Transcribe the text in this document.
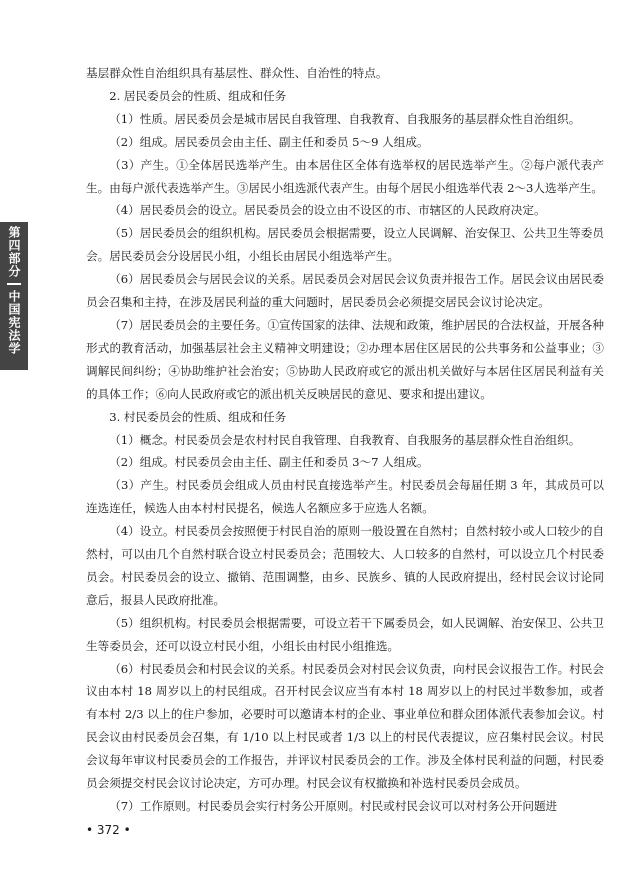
第四部分
中国宪法学

基层群众性自治组织具有基层性、群众性、自治性的特点。

2. 居民委员会的性质、组成和任务

（1）性质。居民委员会是城市居民自我管理、自我教育、自我服务的基层群众性自治组织。

（2）组成。居民委员会由主任、副主任和委员 5～9 人组成。

（3）产生。①全体居民选举产生。由本居住区全体有选举权的居民选举产生。②每户派代表产生。由每户派代表选举产生。③居民小组选派代表产生。由每个居民小组选举代表 2～3人选举产生。

（4）居民委员会的设立。居民委员会的设立由不设区的市、市辖区的人民政府决定。

（5）居民委员会的组织机构。居民委员会根据需要，设立人民调解、治安保卫、公共卫生等委员会。居民委员会分设居民小组，小组长由居民小组选举产生。

（6）居民委员会与居民会议的关系。居民委员会对居民会议负责并报告工作。居民会议由居民委员会召集和主持，在涉及居民利益的重大问题时，居民委员会必须提交居民会议讨论决定。

（7）居民委员会的主要任务。①宣传国家的法律、法规和政策，维护居民的合法权益，开展各种形式的教育活动，加强基层社会主义精神文明建设；②办理本居住区居民的公共事务和公益事业；③调解民间纠纷；④协助维护社会治安；⑤协助人民政府或它的派出机关做好与本居住区居民利益有关的具体工作；⑥向人民政府或它的派出机关反映居民的意见、要求和提出建议。

3. 村民委员会的性质、组成和任务

（1）概念。村民委员会是农村村民自我管理、自我教育、自我服务的基层群众性自治组织。

（2）组成。村民委员会由主任、副主任和委员 3～7 人组成。

（3）产生。村民委员会组成人员由村民直接选举产生。村民委员会每届任期 3 年，其成员可以连选连任，候选人由本村村民提名，候选人名额应多于应选人名额。

（4）设立。村民委员会按照便于村民自治的原则一般设置在自然村；自然村较小或人口较少的自然村，可以由几个自然村联合设立村民委员会；范围较大、人口较多的自然村，可以设立几个村民委员会。村民委员会的设立、撤销、范围调整，由乡、民族乡、镇的人民政府提出，经村民会议讨论同意后，报县人民政府批准。

（5）组织机构。村民委员会根据需要，可设立若干下属委员会，如人民调解、治安保卫、公共卫生等委员会，还可以设立村民小组，小组长由村民小组推选。

（6）村民委员会和村民会议的关系。村民委员会对村民会议负责，向村民会议报告工作。村民会议由本村 18 周岁以上的村民组成。召开村民会议应当有本村 18 周岁以上的村民过半数参加，或者有本村 2/3 以上的住户参加，必要时可以邀请本村的企业、事业单位和群众团体派代表参加会议。村民会议由村民委员会召集，有 1/10 以上村民或者 1/3 以上的村民代表提议，应召集村民会议。村民会议每年审议村民委员会的工作报告，并评议村民委员会的工作。涉及全体村民利益的问题，村民委员会须提交村民会议讨论决定，方可办理。村民会议有权撤换和补选村民委员会成员。

（7）工作原则。村民委员会实行村务公开原则。村民或村民会议可以对村务公开问题进

• 372 •
